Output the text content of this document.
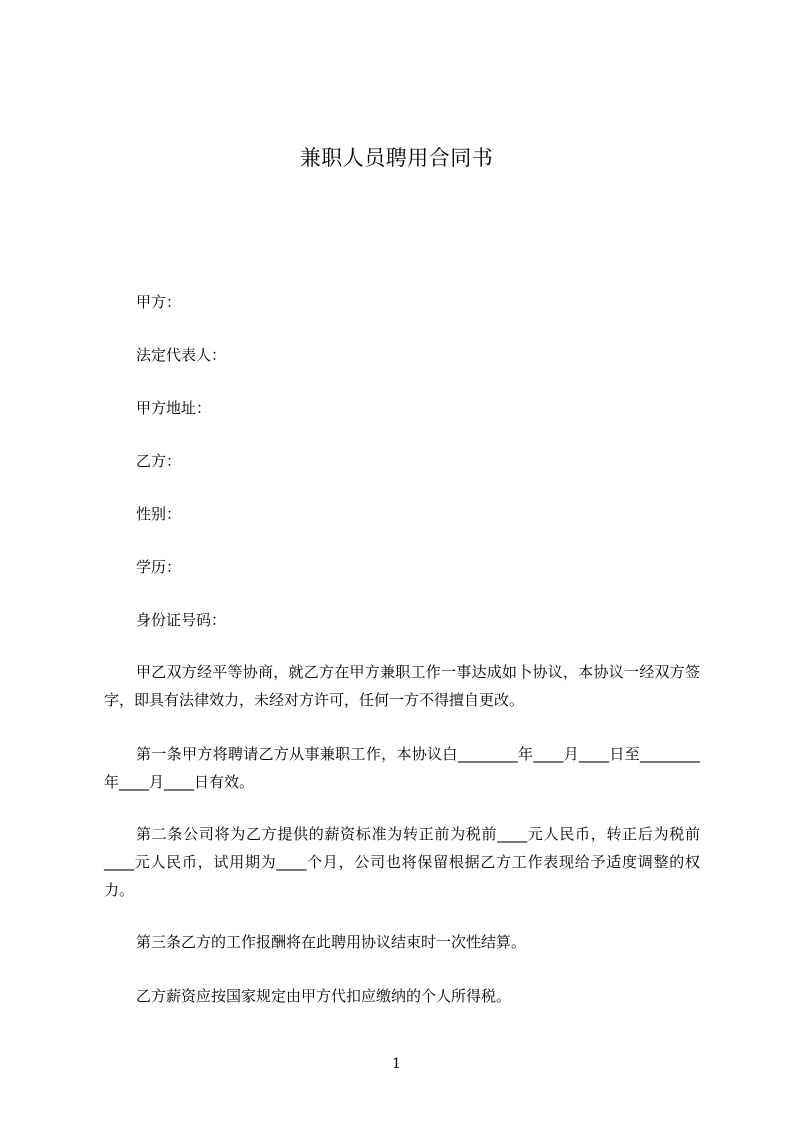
兼职人员聘用合同书
甲方：
法定代表人：
甲方地址：
乙方：
性别：
学历：
身份证号码：
甲乙双方经平等协商，就乙方在甲方兼职工作一事达成如卜协议，本协议一经双方签字，即具有法律效力，未经对方许可，任何一方不得擅自更改。
第一条甲方将聘请乙方从事兼职工作，本协议白________年____月____日至________年____月____日有效。
第二条公司将为乙方提供的薪资标准为转正前为税前____元人民币，转正后为税前____元人民币，试用期为____个月，公司也将保留根据乙方工作表现给予适度调整的权力。
第三条乙方的工作报酬将在此聘用协议结束时一次性结算。
乙方薪资应按国家规定由甲方代扣应缴纳的个人所得税。
1
